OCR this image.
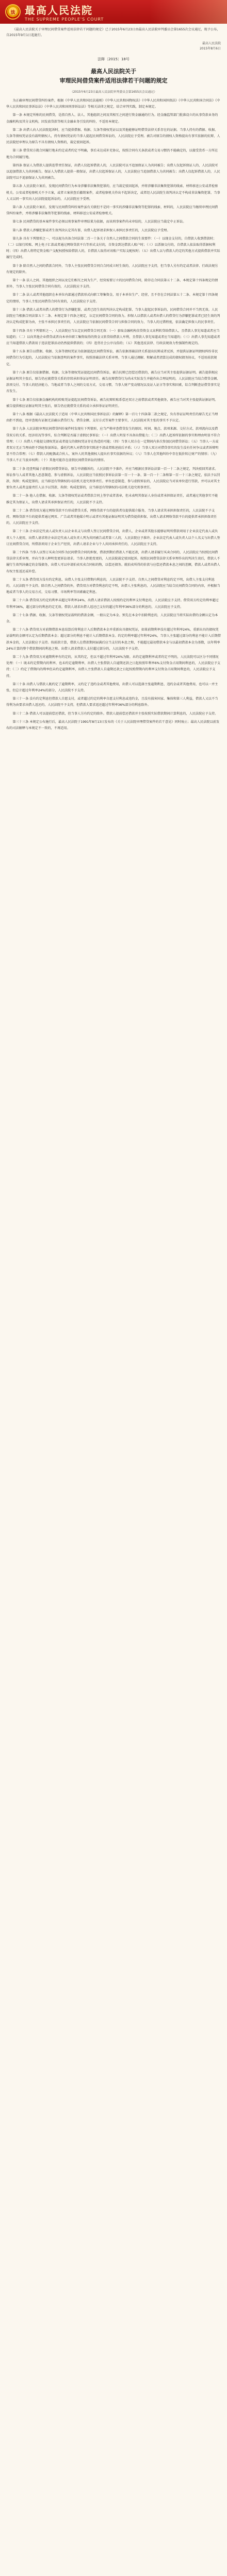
法 最高人民法院
THE SUPREME PEOPLE'S COURT

《最高人民法院关于审理民间借贷案件适用法律若干问题的规定》已于2015年6月23日由最高人民法院审判委员会第1655次会议通过，现予公布，自2015年9月1日起施行。

最高人民法院
2015年8月6日
法释〔2015〕18号
最高人民法院关于
审理民间借贷案件适用法律若干问题的规定
（2015年6月23日最高人民法院审判委员会第1655次会议通过）

为正确审理民间借贷纠纷案件，根据《中华人民共和国民法通则》《中华人民共和国物权法》《中华人民共和国担保法》《中华人民共和国合同法》《中华人民共和国民事诉讼法》《中华人民共和国刑事诉讼法》等相关法律之规定，结合审判实践，制定本规定。

第一条 本规定所称的民间借贷，是指自然人、法人、其他组织之间及其相互之间进行资金融通的行为。经金融监管部门批准设立的从事贷款业务的金融机构及其分支机构，因发放贷款等相关金融业务引发的纠纷，不适用本规定。

第二条 出借人向人民法院起诉时，应当提供借据、收据、欠条等债权凭证以及其他能够证明借贷法律关系存在的证据。当事人持有的借据、收据、欠条等债权凭证没有载明债权人，持有债权凭证的当事人提起民间借贷诉讼的，人民法院应予受理。被告对原告的债权人资格提出有事实依据的抗辩，人民法院经审理认为原告不具有债权人资格的，裁定驳回起诉。

第三条 借贷双方就合同履行地未约定或者约定不明确，事后未达成补充协议，按照合同有关条款或者交易习惯仍不能确定的，以接受货币一方所在地为合同履行地。

第四条 保证人为借款人提供连带责任保证，出借人仅起诉借款人的，人民法院可以不追加保证人为共同被告；出借人仅起诉保证人的，人民法院可以追加借款人为共同被告。保证人为借款人提供一般保证，出借人仅起诉保证人的，人民法院应当追加借款人为共同被告；出借人仅起诉借款人的，人民法院可以不追加保证人为共同被告。

第五条 人民法院立案后，发现民间借贷行为本身涉嫌非法集资犯罪的，应当裁定驳回起诉，并将涉嫌非法集资犯罪的线索、材料移送公安或者检察机关。公安或者检察机关不予立案，或者立案侦查后撤销案件，或者检察机关作出不起诉决定，或者经人民法院生效判决认定不构成非法集资犯罪，当事人又以同一事实向人民法院提起诉讼的，人民法院应予受理。

第六条 人民法院立案后，发现与民间借贷纠纷案件虽有关联但不是同一事实的涉嫌非法集资等犯罪的线索、材料的，人民法院应当继续审理民间借贷纠纷案件，并将涉嫌非法集资等犯罪的线索、材料移送公安或者检察机关。

第七条 民间借贷的基本案件事实必须以刑事案件审理结果为依据，而该刑事案件尚未审结的，人民法院应当裁定中止诉讼。

第八条 借款人涉嫌犯罪或者生效判决认定其有罪，出借人起诉请求担保人承担民事责任的，人民法院应予受理。

第九条 具有下列情形之一，可以视为具备合同法第二百一十条关于自然人之间借款合同的生效要件：（一）以现金支付的，自借款人收到借款时；（二）以银行转账、网上电子汇款或者通过网络贷款平台等形式支付的，自资金到达借款人账户时；（三）以票据交付的，自借款人依法取得票据权利时；（四）出借人将特定资金账户支配权授权给借款人的，自借款人取得对该账户实际支配权时；（五）出借人以与借款人约定的其他方式提供借款并实际履行完成时。

第十条 除自然人之间的借款合同外，当事人主张民间借贷合同自合同成立时生效的，人民法院应予支持，但当事人另有约定或者法律、行政法规另有规定的除外。

第十一条 法人之间、其他组织之间以及它们相互之间为生产、经营需要订立的民间借贷合同，除存在合同法第五十二条、本规定第十四条规定的情形外，当事人主张民间借贷合同有效的，人民法院应予支持。

第十二条 法人或者其他组织在本单位内部通过借款形式向职工筹集资金，用于本单位生产、经营，且不存在合同法第五十二条、本规定第十四条规定的情形，当事人主张民间借贷合同有效的，人民法院应予支持。

第十三条 借款人或者出借人的借贷行为涉嫌犯罪，或者已经生效的判决认定构成犯罪，当事人提起民事诉讼的，民间借贷合同并不当然无效。人民法院应当根据合同法第五十二条、本规定第十四条之规定，认定民间借贷合同的效力。担保人以借款人或者出借人的借贷行为涉嫌犯罪或者已经生效的判决认定构成犯罪为由，主张不承担民事责任的，人民法院应当依据民间借贷合同与担保合同的效力、当事人的过错程度，依法确定担保人的民事责任。

第十四条 具有下列情形之一，人民法院应当认定民间借贷合同无效：（一）套取金融机构信贷资金又高利转贷给借款人，且借款人事先知道或者应当知道的；（二）以向其他企业借贷或者向本单位职工集资取得的资金又转贷给借款人牟利，且借款人事先知道或者应当知道的；（三）出借人事先知道或者应当知道借款人借款用于违法犯罪活动仍然提供借款的；（四）违背社会公序良俗的；（五）其他违反法律、行政法规效力性强制性规定的。

第十五条 原告以借据、收据、欠条等债权凭证为依据提起民间借贷诉讼，被告依据基础法律关系提出抗辩或者反诉，并提供证据证明债权纠纷非民间借贷行为引起的，人民法院应当依据查明的案件事实，按照基础法律关系审理。当事人通过调解、和解或者清算达成的债权债务协议，不适用前款规定。

第十六条 原告仅依据借据、收据、欠条等债权凭证提起民间借贷诉讼，被告抗辩已经偿还借款的，被告应当对其主张提供证据证明。被告提供相应证据证明其主张后，原告仍应就借贷关系的存续承担举证证明责任。被告抗辩借贷行为尚未实际发生并能作出合理说明的，人民法院应当结合借贷金额、款项交付、当事人的经济能力、当地或者当事人之间的交易方式、交易习惯、当事人财产变动情况以及证人证言等事实和因素，综合判断查证借贷事实是否发生。

第十七条 原告仅依据金融机构的转账凭证提起民间借贷诉讼，被告抗辩转账系偿还双方之前借款或者其他债务，被告应当对其主张提供证据证明。被告提供相应证据证明其主张后，原告仍应就借贷关系的成立承担举证证明责任。

第十八条 根据《最高人民法院关于适用〈中华人民共和国民事诉讼法〉的解释》第一百七十四条第二款之规定，负有举证证明责任的原告无正当理由拒不到庭，经审查现有证据无法确认借贷行为、借贷金额、支付方式等案件主要事实，人民法院对其主张的事实不予认定。

第十九条 人民法院审理民间借贷纠纷案件时发现有下列情形，应当严格审查借贷发生的原因、时间、地点、款项来源、交付方式、款项流向以及借贷双方的关系、经济状况等事实，综合判断是否属于虚假民事诉讼：（一）出借人明显不具备出借能力；（二）出借人起诉所依据的事实和理由明显不符合常理；（三）出借人不能提交债权凭证或者提交的债权凭证存在伪造的可能；（四）当事人双方在一定期间内多次参加民间借贷诉讼；（五）当事人一方或者双方无正当理由拒不到庭参加诉讼，委托代理人对借贷事实陈述不清或者陈述前后矛盾；（六）当事人双方对借贷事实的发生没有任何争议或者诉辩明显不符合常理；（七）借款人的配偶或合伙人、案外人的其他债权人提出有事实依据的异议；（八）当事人在其他纠纷中存在低价转让财产的情形；（九）当事人不正当放弃权利；（十）其他可能存在虚假民间借贷诉讼的情形。

第二十条 经查明属于虚假民间借贷诉讼，原告申请撤诉的，人民法院不予准许，并应当根据民事诉讼法第一百一十二条之规定，判决驳回其请求。诉讼参与人或者其他人恶意制造、参与虚假诉讼，人民法院应当依照民事诉讼法第一百一十一条、第一百一十二条和第一百一十三条之规定，依法予以罚款、拘留；构成犯罪的，应当移送有管辖权的司法机关追究刑事责任。单位恶意制造、参与虚假诉讼的，人民法院应当对该单位进行罚款，并可以对其主要负责人或者直接责任人员予以罚款、拘留；构成犯罪的，应当移送有管辖权的司法机关追究刑事责任。

第二十一条 他人在借据、收据、欠条等债权凭证或者借款合同上签字或者盖章，但未表明其保证人身份或者承担保证责任，或者通过其他事实不能推定其为保证人，出借人请求其承担保证责任的，人民法院不予支持。

第二十二条 借贷双方通过网络贷款平台形成借贷关系，网络贷款平台的提供者仅提供媒介服务，当事人请求其承担担保责任的，人民法院不予支持。网络贷款平台的提供者通过网页、广告或者其他媒介明示或者有其他证据证明其为借贷提供担保，出借人请求网络贷款平台的提供者承担担保责任的，人民法院应予支持。

第二十三条 企业法定代表人或负责人以企业名义与出借人签订民间借贷合同，出借人、企业或者其股东能够证明所借款项用于企业法定代表人或负责人个人使用，出借人请求将企业法定代表人或负责人列为共同被告或者第三人的，人民法院应予准许。企业法定代表人或负责人以个人名义与出借人签订民间借贷合同，所借款项用于企业生产经营，出借人请求企业与个人共同承担责任的，人民法院应予支持。

第二十四条 当事人以签订买卖合同作为民间借贷合同的担保，借款到期后借款人不能还款，出借人请求履行买卖合同的，人民法院应当按照民间借贷法律关系审理，并向当事人释明变更诉讼请求。当事人拒绝变更的，人民法院裁定驳回起诉。按照民间借贷法律关系审理作出的判决生效后，借款人不履行生效判决确定的金钱债务，出借人可以申请拍卖买卖合同标的物，以偿还债务。就拍卖所得的价款与应偿还借款本息之间的差额，借款人或者出借人有权主张返还或补偿。

第二十五条 借贷双方没有约定利息，出借人主张支付借期内利息的，人民法院不予支持。自然人之间借贷对利息约定不明，出借人主张支付利息的，人民法院不予支持。除自然人之间借贷的外，借贷双方对借贷利息约定不明，出借人主张利息的，人民法院应当结合民间借贷合同的内容，并根据当地或者当事人的交易方式、交易习惯、市场利率等因素确定利息。

第二十六条 借贷双方约定的利率未超过年利率24%，出借人请求借款人按照约定的利率支付利息的，人民法院应予支持。借贷双方约定的利率超过年利率36%，超过部分的利息约定无效。借款人请求出借人返还已支付的超过年利率36%部分的利息的，人民法院应予支持。

第二十七条 借据、收据、欠条等债权凭证载明的借款金额，一般认定为本金。预先在本金中扣除利息的，人民法院应当将实际出借的金额认定为本金。

第二十八条 借贷双方对前期借款本息结算后将利息计入后期借款本金并重新出具债权凭证，如果前期利率没有超过年利率24%，重新出具的债权凭证载明的金额可认定为后期借款本金；超过部分的利息不能计入后期借款本金。约定的利率超过年利率24%，当事人主张超过部分的利息不能计入后期借款本金的，人民法院应予支持。按前款计算，借款人在借款期间届满后应当支付的本息之和，不能超过最初借款本金与以最初借款本金为基数，以年利率24%计算的整个借款期间的利息之和。出借人请求借款人支付超过部分的，人民法院不予支持。

第二十九条 借贷双方对逾期利率有约定的，从其约定，但以不超过年利率24%为限。未约定逾期利率或者约定不明的，人民法院可以区分不同情况处理：（一）既未约定借期内的利率，也未约定逾期利率，出借人主张借款人自逾期还款之日起按照年利率6%支付资金占用期间利息的，人民法院应予支持；（二）约定了借期内的利率但未约定逾期利率，出借人主张借款人自逾期还款之日起按照借期内的利率支付资金占用期间利息的，人民法院应予支持。

第三十条 出借人与借款人既约定了逾期利率，又约定了违约金或者其他费用，出借人可以选择主张逾期利息、违约金或者其他费用，也可以一并主张，但总计超过年利率24%的部分，人民法院不予支持。

第三十一条 没有约定利息但借款人自愿支付，或者超过约定的利率自愿支付利息或违约金，且没有损害国家、集体和第三人利益，借款人又以不当得利为由要求出借人返还的，人民法院不予支持，但借款人要求返还超过年利率36%部分的利息除外。

第三十二条 借款人可以提前偿还借款，但当事人另有约定的除外。借款人提前偿还借款并主张按照实际借款期间计算利息的，人民法院应予支持。

第三十三条 本规定公布施行后，最高人民法院于1991年8月13日发布的《关于人民法院审理借贷案件的若干意见》同时废止；最高人民法院以前发布的司法解释与本规定不一致的，不再适用。
